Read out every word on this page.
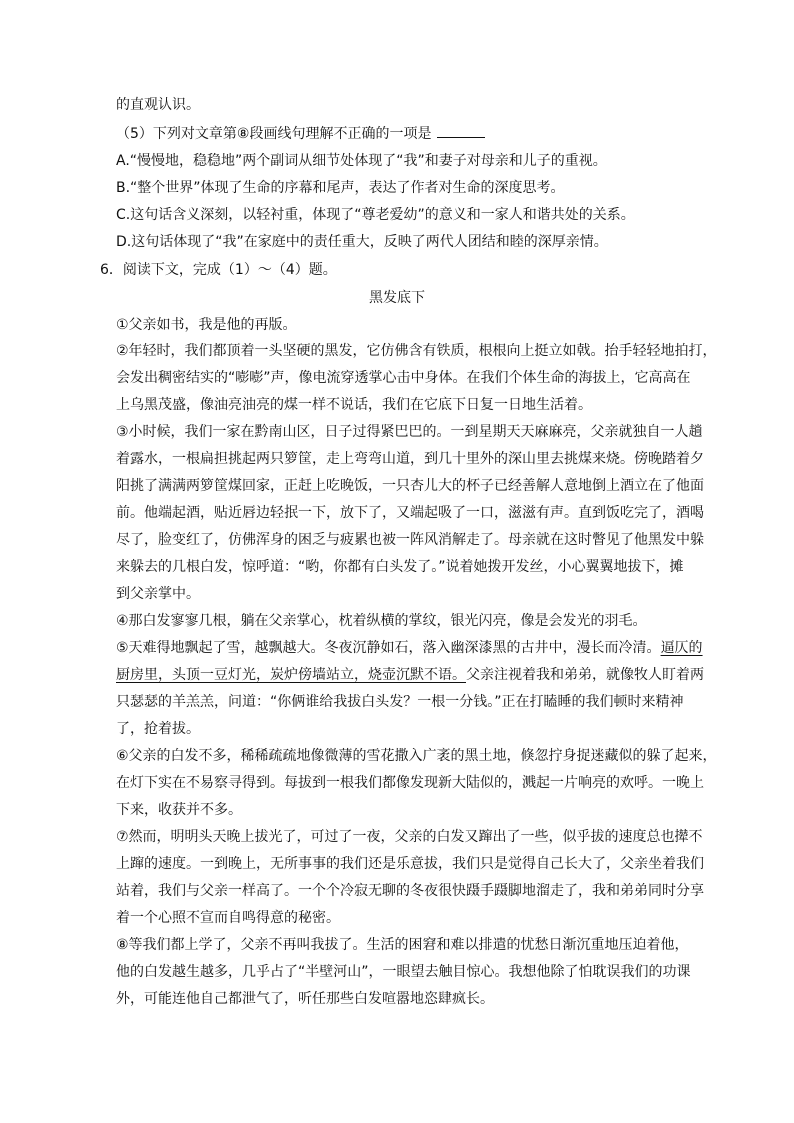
的直观认识。
（5）下列对文章第⑧段画线句理解不正确的一项是
A.“慢慢地，稳稳地”两个副词从细节处体现了“我”和妻子对母亲和儿子的重视。
B.“整个世界”体现了生命的序幕和尾声，表达了作者对生命的深度思考。
C.这句话含义深刻，以轻衬重，体现了“尊老爱幼”的意义和一家人和谐共处的关系。
D.这句话体现了“我”在家庭中的责任重大，反映了两代人团结和睦的深厚亲情。
6．阅读下文，完成（1）～（4）题。
黑发底下
①父亲如书，我是他的再版。
②年轻时，我们都顶着一头坚硬的黑发，它仿佛含有铁质，根根向上挺立如戟。抬手轻轻地拍打，
会发出稠密结实的“嘭嘭”声，像电流穿透掌心击中身体。在我们个体生命的海拔上，它高高在
上乌黑茂盛，像油亮油亮的煤一样不说话，我们在它底下日复一日地生活着。
③小时候，我们一家在黔南山区，日子过得紧巴巴的。一到星期天天麻麻亮，父亲就独自一人趟
着露水，一根扁担挑起两只箩筐，走上弯弯山道，到几十里外的深山里去挑煤来烧。傍晚踏着夕
阳挑了满满两箩筐煤回家，正赶上吃晚饭，一只杏儿大的杯子已经善解人意地倒上酒立在了他面
前。他端起酒，贴近唇边轻抿一下，放下了，又端起吸了一口，滋滋有声。直到饭吃完了，酒喝
尽了，脸变红了，仿佛浑身的困乏与疲累也被一阵风消解走了。母亲就在这时瞥见了他黑发中躲
来躲去的几根白发，惊呼道：“哟，你都有白头发了。”说着她拨开发丝，小心翼翼地拔下，摊
到父亲掌中。
④那白发寥寥几根，躺在父亲掌心，枕着纵横的掌纹，银光闪亮，像是会发光的羽毛。
⑤天难得地飘起了雪，越飘越大。冬夜沉静如石，落入幽深漆黑的古井中，漫长而冷清。逼仄的
厨房里，头顶一豆灯光，炭炉傍墙站立，烧壶沉默不语。父亲注视着我和弟弟，就像牧人盯着两
只瑟瑟的羊羔羔，问道：“你俩谁给我拔白头发？一根一分钱。”正在打瞌睡的我们顿时来精神
了，抢着拔。
⑥父亲的白发不多，稀稀疏疏地像微薄的雪花撒入广袤的黑土地，倏忽拧身捉迷藏似的躲了起来，
在灯下实在不易察寻得到。每拔到一根我们都像发现新大陆似的，溅起一片响亮的欢呼。一晚上
下来，收获并不多。
⑦然而，明明头天晚上拔光了，可过了一夜，父亲的白发又蹿出了一些，似乎拔的速度总也撵不
上蹿的速度。一到晚上，无所事事的我们还是乐意拔，我们只是觉得自己长大了，父亲坐着我们
站着，我们与父亲一样高了。一个个冷寂无聊的冬夜很快蹑手蹑脚地溜走了，我和弟弟同时分享
着一个心照不宣而自鸣得意的秘密。
⑧等我们都上学了，父亲不再叫我拔了。生活的困窘和难以排遣的忧愁日渐沉重地压迫着他，
他的白发越生越多，几乎占了“半壁河山”，一眼望去触目惊心。我想他除了怕耽误我们的功课
外，可能连他自己都泄气了，听任那些白发喧嚣地恣肆疯长。
